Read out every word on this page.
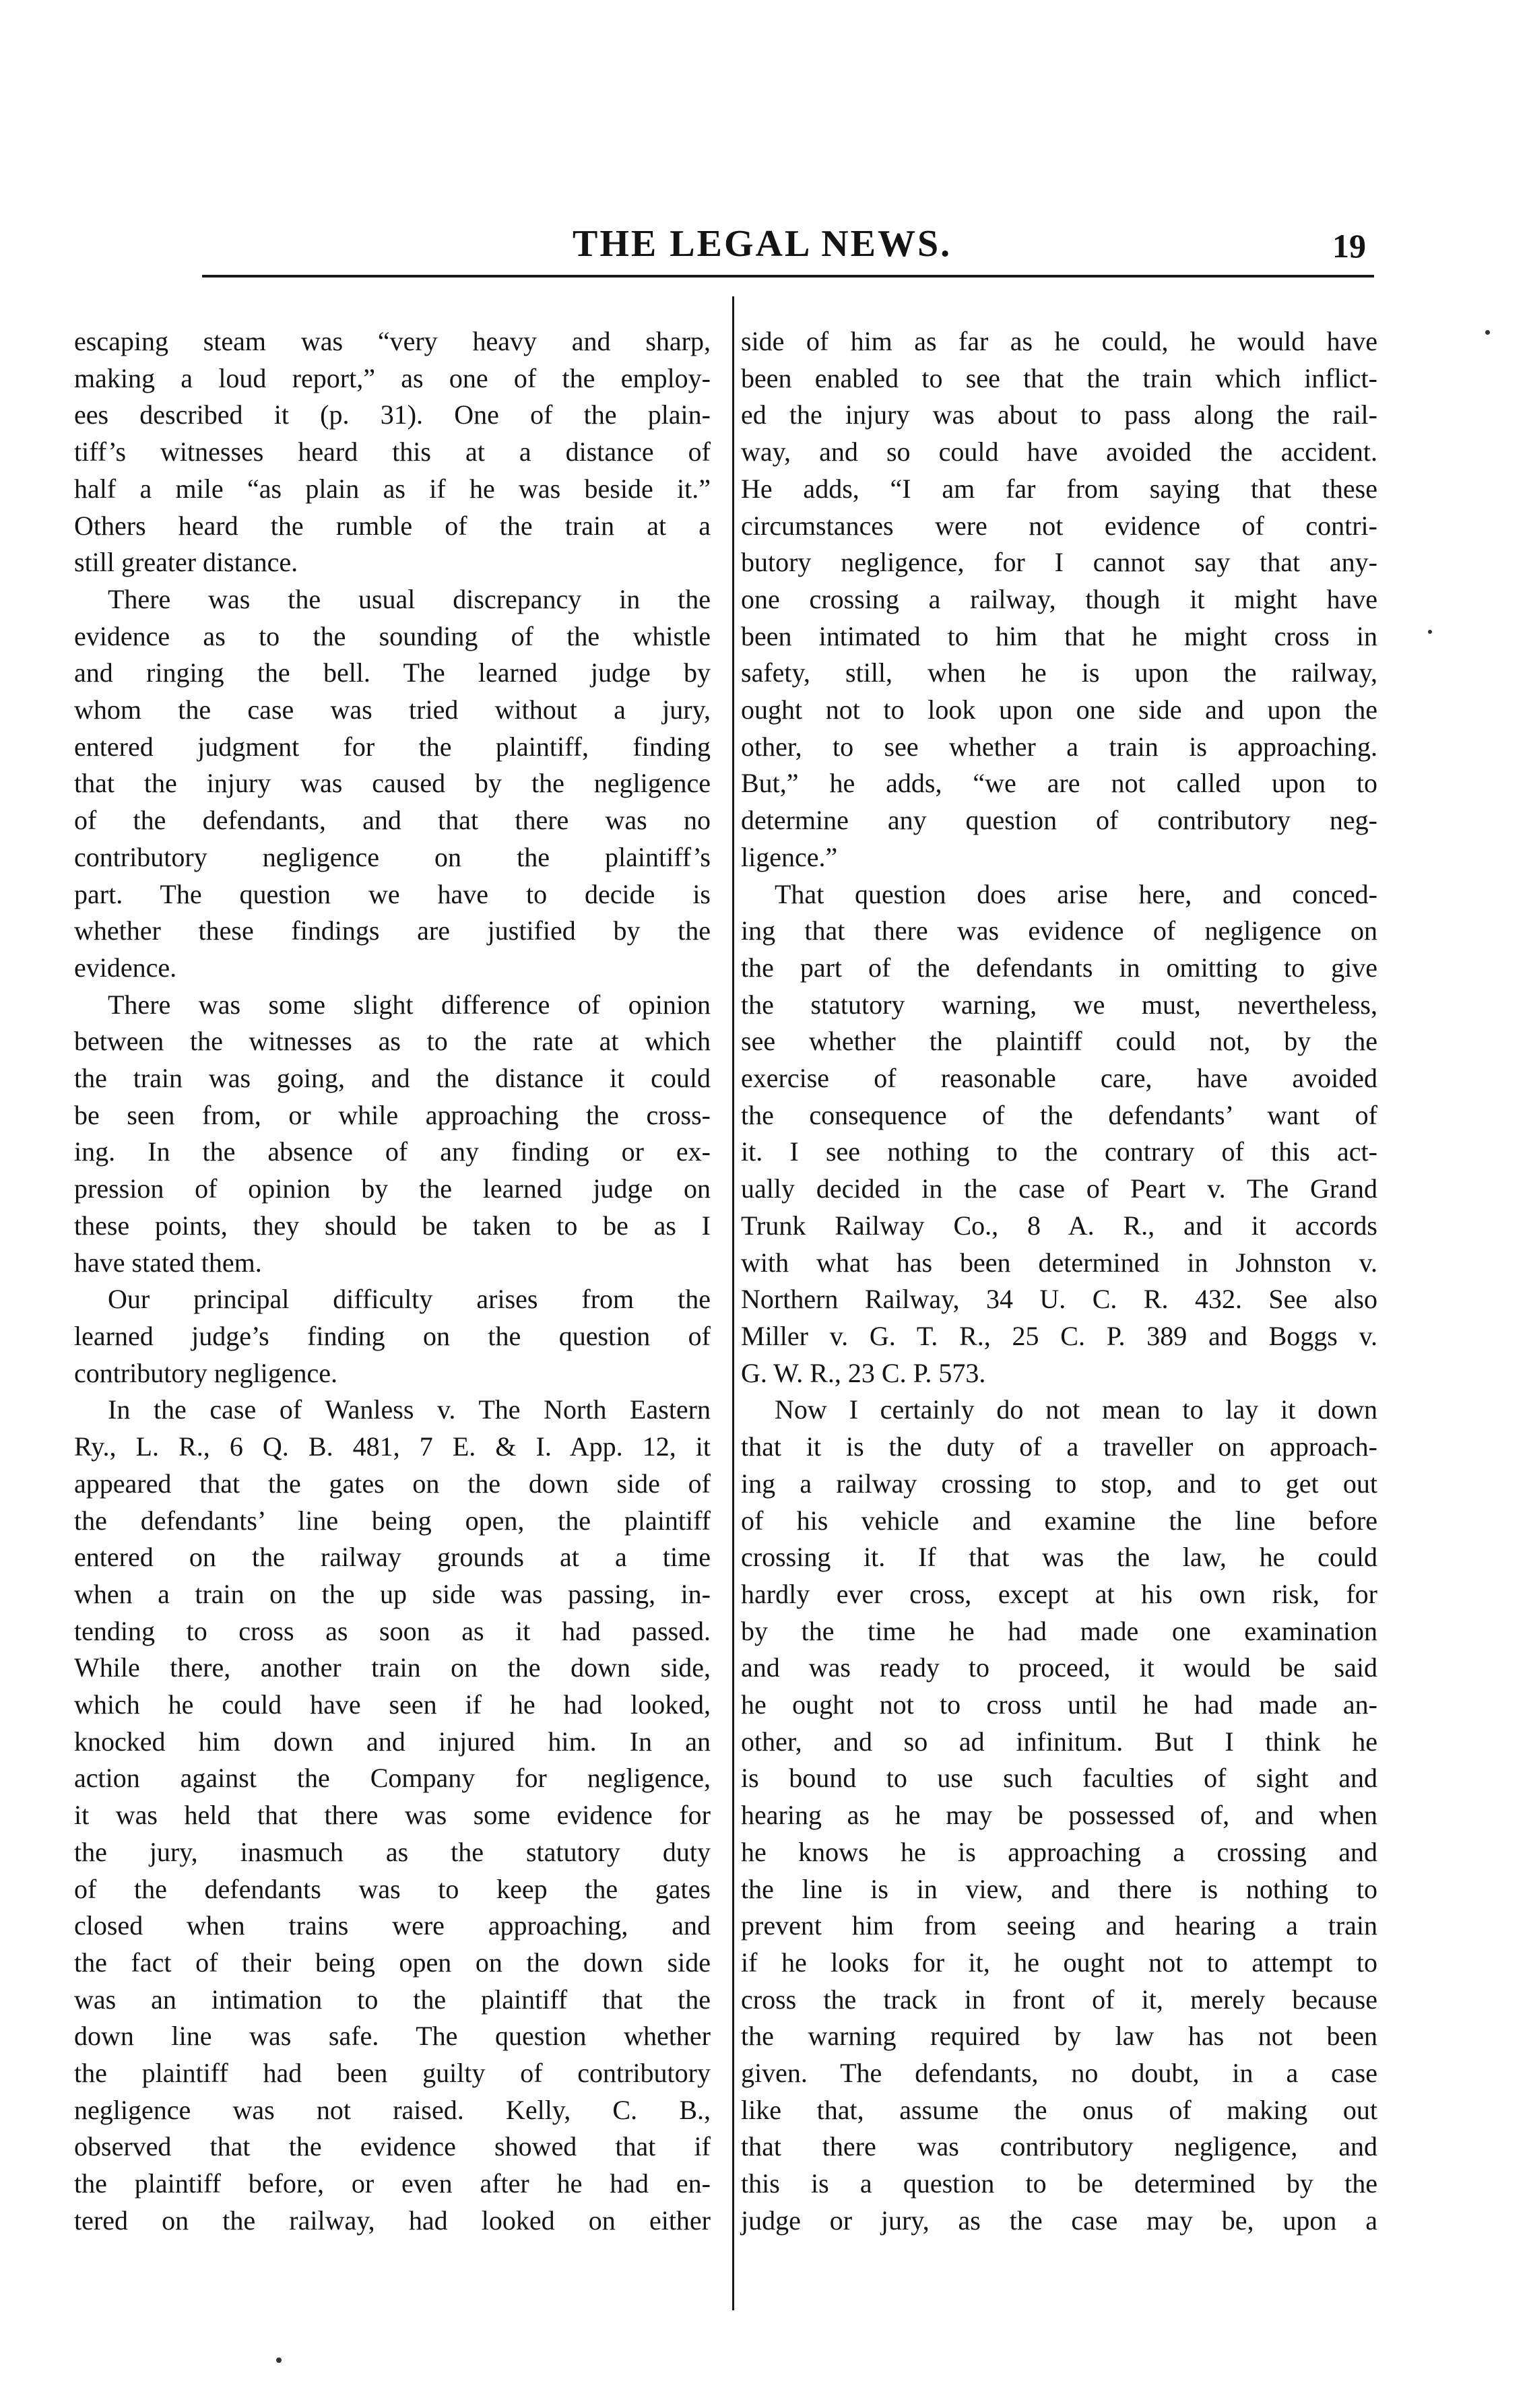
THE LEGAL NEWS.	19
escaping steam was “very heavy and sharp,
making a loud report,” as one of the employ-
ees described it (p. 31). One of the plain-
tiff’s witnesses heard this at a distance of
half a mile “as plain as if he was beside it.”
Others heard the rumble of the train at a
still greater distance.
There was the usual discrepancy in the
evidence as to the sounding of the whistle
and ringing the bell. The learned judge by
whom the case was tried without a jury,
entered judgment for the plaintiff, finding
that the injury was caused by the negligence
of the defendants, and that there was no
contributory negligence on the plaintiff’s
part. The question we have to decide is
whether these findings are justified by the
evidence.
There was some slight difference of opinion
between the witnesses as to the rate at which
the train was going, and the distance it could
be seen from, or while approaching the cross-
ing. In the absence of any finding or ex-
pression of opinion by the learned judge on
these points, they should be taken to be as I
have stated them.
Our principal difficulty arises from the
learned judge’s finding on the question of
contributory negligence.
In the case of Wanless v. The North Eastern
Ry., L. R., 6 Q. B. 481, 7 E. & I. App. 12, it
appeared that the gates on the down side of
the defendants’ line being open, the plaintiff
entered on the railway grounds at a time
when a train on the up side was passing, in-
tending to cross as soon as it had passed.
While there, another train on the down side,
which he could have seen if he had looked,
knocked him down and injured him. In an
action against the Company for negligence,
it was held that there was some evidence for
the jury, inasmuch as the statutory duty
of the defendants was to keep the gates
closed when trains were approaching, and
the fact of their being open on the down side
was an intimation to the plaintiff that the
down line was safe. The question whether
the plaintiff had been guilty of contributory
negligence was not raised. Kelly, C. B.,
observed that the evidence showed that if
the plaintiff before, or even after he had en-
tered on the railway, had looked on either
side of him as far as he could, he would have
been enabled to see that the train which inflict-
ed the injury was about to pass along the rail-
way, and so could have avoided the accident.
He adds, “I am far from saying that these
circumstances were not evidence of contri-
butory negligence, for I cannot say that any-
one crossing a railway, though it might have
been intimated to him that he might cross in
safety, still, when he is upon the railway,
ought not to look upon one side and upon the
other, to see whether a train is approaching.
But,” he adds, “we are not called upon to
determine any question of contributory neg-
ligence.”
That question does arise here, and conced-
ing that there was evidence of negligence on
the part of the defendants in omitting to give
the statutory warning, we must, nevertheless,
see whether the plaintiff could not, by the
exercise of reasonable care, have avoided
the consequence of the defendants’ want of
it. I see nothing to the contrary of this act-
ually decided in the case of Peart v. The Grand
Trunk Railway Co., 8 A. R., and it accords
with what has been determined in Johnston v.
Northern Railway, 34 U. C. R. 432. See also
Miller v. G. T. R., 25 C. P. 389 and Boggs v.
G. W. R., 23 C. P. 573.
Now I certainly do not mean to lay it down
that it is the duty of a traveller on approach-
ing a railway crossing to stop, and to get out
of his vehicle and examine the line before
crossing it. If that was the law, he could
hardly ever cross, except at his own risk, for
by the time he had made one examination
and was ready to proceed, it would be said
he ought not to cross until he had made an-
other, and so ad infinitum. But I think he
is bound to use such faculties of sight and
hearing as he may be possessed of, and when
he knows he is approaching a crossing and
the line is in view, and there is nothing to
prevent him from seeing and hearing a train
if he looks for it, he ought not to attempt to
cross the track in front of it, merely because
the warning required by law has not been
given. The defendants, no doubt, in a case
like that, assume the onus of making out
that there was contributory negligence, and
this is a question to be determined by the
judge or jury, as the case may be, upon a
